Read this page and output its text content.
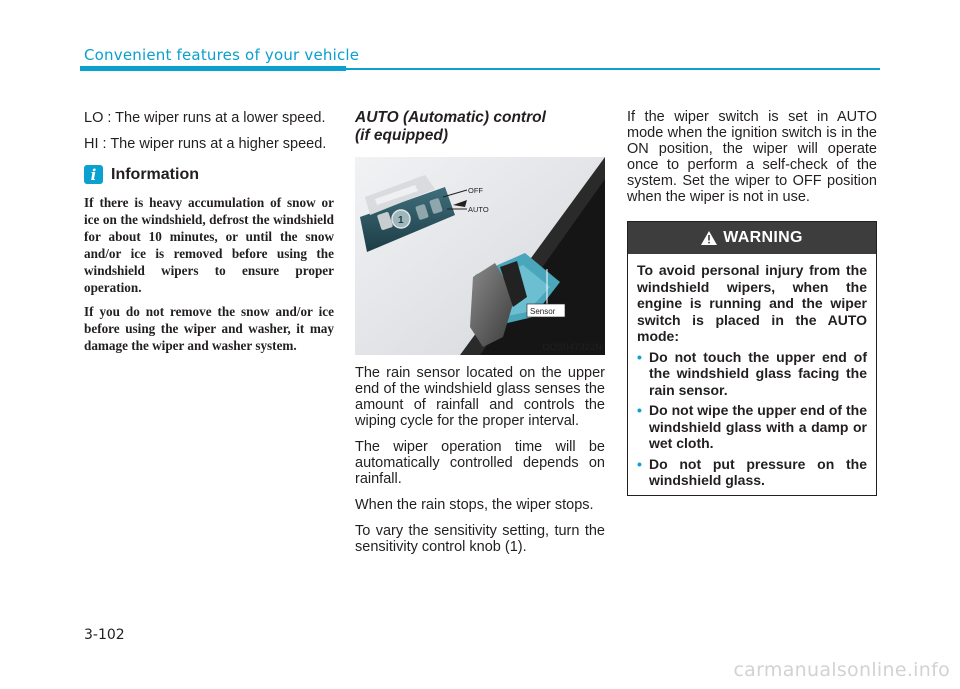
Convenient features of your vehicle

LO : The wiper runs at a lower speed.

HI : The wiper runs at a higher speed.

i Information

If there is heavy accumulation of snow or ice on the windshield, defrost the windshield for about 10 minutes, or until the snow and/or ice is removed before using the windshield wipers to ensure proper operation.

If you do not remove the snow and/or ice before using the wiper and washer, it may damage the wiper and washer system.

AUTO (Automatic) control

(if equipped)

OFF
AUTO
1
Sensor
OOS047322N

The rain sensor located on the upper end of the windshield glass senses the amount of rainfall and controls the wiping cycle for the proper interval.

The wiper operation time will be automatically controlled depends on rainfall.

When the rain stops, the wiper stops.

To vary the sensitivity setting, turn the sensitivity control knob (1).

If the wiper switch is set in AUTO mode when the ignition switch is in the ON position, the wiper will operate once to perform a self-check of the system. Set the wiper to OFF position when the wiper is not in use.

WARNING

To avoid personal injury from the windshield wipers, when the engine is running and the wiper switch is placed in the AUTO mode:

• Do not touch the upper end of the windshield glass facing the rain sensor.
• Do not wipe the upper end of the windshield glass with a damp or wet cloth.
• Do not put pressure on the windshield glass.
3-102
carmanualsonline.info
